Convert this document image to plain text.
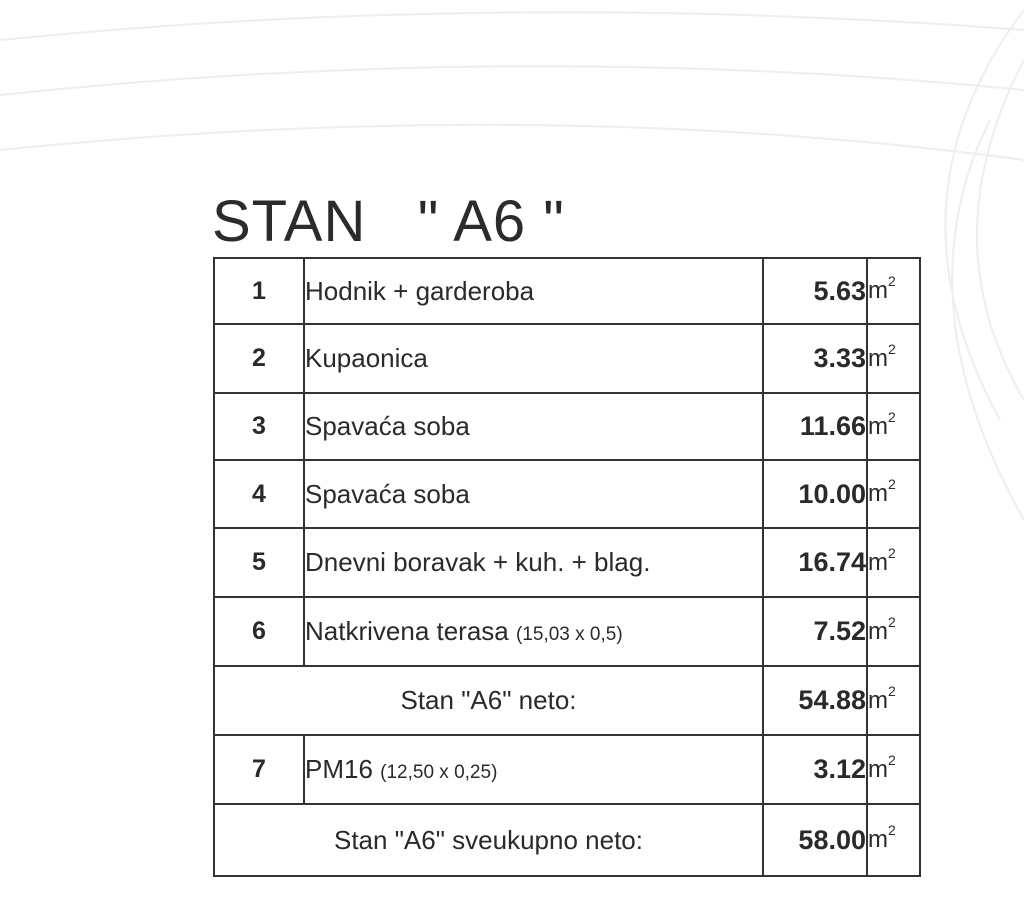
STAN   " A6 "
1	Hodnik + garderoba	5.63	$m^2$
2	Kupaonica	3.33	$m^2$
3	Spavaća soba	11.66	$m^2$
4	Spavaća soba	10.00	$m^2$
5	Dnevni boravak + kuh. + blag.	16.74	$m^2$
6	Natkrivena terasa (15,03 x 0,5)	7.52	$m^2$
Stan "A6" neto:		54.88	$m^2$
7	PM16 (12,50 x 0,25)	3.12	$m^2$
Stan "A6" sveukupno neto:		58.00	$m^2$
